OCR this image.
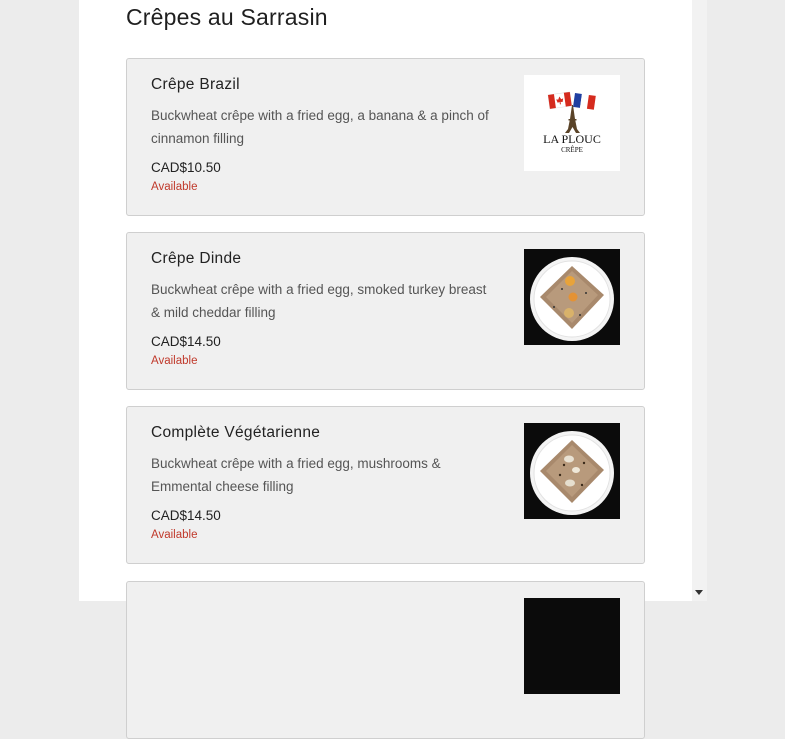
Crêpes au Sarrasin
Crêpe Brazil
Buckwheat crêpe with a fried egg, a banana & a pinch of cinnamon filling
CAD$10.50
Available
LA PLOUC
CRÊPE
Crêpe Dinde
Buckwheat crêpe with a fried egg, smoked turkey breast & mild cheddar filling
CAD$14.50
Available
Complète Végétarienne
Buckwheat crêpe with a fried egg, mushrooms & Emmental cheese filling
CAD$14.50
Available
